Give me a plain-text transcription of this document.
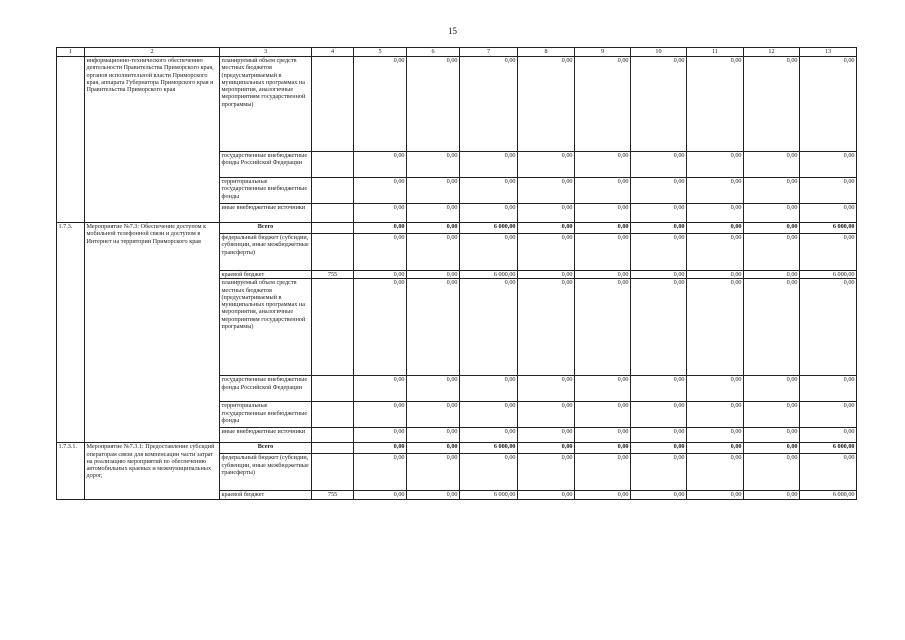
15
1	2	3	4	5	6	7	8	9	10	11	12	13
	информационно-технического обеспечению деятельности Правительства Приморского края, органов исполнительной власти Приморского края, аппарата Губернатора Приморского края и Правительства Приморского края	планируемый объем средств местных бюджетов (предусматриваемый в муниципальных программах на мероприятия, аналогичные мероприятиям государственной программы)		0,00	0,00	0,00	0,00	0,00	0,00	0,00	0,00	0,00
		государственные внебюджетные фонды Российской Федерации		0,00	0,00	0,00	0,00	0,00	0,00	0,00	0,00	0,00
		территориальные государственные внебюджетные фонды		0,00	0,00	0,00	0,00	0,00	0,00	0,00	0,00	0,00
		иные внебюджетные источники		0,00	0,00	0,00	0,00	0,00	0,00	0,00	0,00	0,00
1.7.3.	Мероприятие №7.3: Обеспечение доступом к мобильной телефонной связи и доступом в Интернет на территории Приморского края	Всего		0,00	0,00	6 000,00	0,00	0,00	0,00	0,00	0,00	6 000,00
		федеральный бюджет (субсидии, субвенции, иные межбюджетные трансферты)		0,00	0,00	0,00	0,00	0,00	0,00	0,00	0,00	0,00
		краевой бюджет	755	0,00	0,00	6 000,00	0,00	0,00	0,00	0,00	0,00	6 000,00
		планируемый объем средств местных бюджетов (предусматриваемый в муниципальных программах на мероприятия, аналогичные мероприятиям государственной программы)		0,00	0,00	0,00	0,00	0,00	0,00	0,00	0,00	0,00
		государственные внебюджетные фонды Российской Федерации		0,00	0,00	0,00	0,00	0,00	0,00	0,00	0,00	0,00
		территориальные государственные внебюджетные фонды		0,00	0,00	0,00	0,00	0,00	0,00	0,00	0,00	0,00
		иные внебюджетные источники		0,00	0,00	0,00	0,00	0,00	0,00	0,00	0,00	0,00
1.7.3.1.	Мероприятие №7.3.1: Предоставление субсидий операторам связи для компенсации части затрат на реализацию мероприятий по обеспечению автомобильных краевых и межмуниципальных дорог,	Всего		0,00	0,00	6 000,00	0,00	0,00	0,00	0,00	0,00	6 000,00
		федеральный бюджет (субсидии, субвенции, иные межбюджетные трансферты)		0,00	0,00	0,00	0,00	0,00	0,00	0,00	0,00	0,00
		краевой бюджет	755	0,00	0,00	6 000,00	0,00	0,00	0,00	0,00	0,00	6 000,00
